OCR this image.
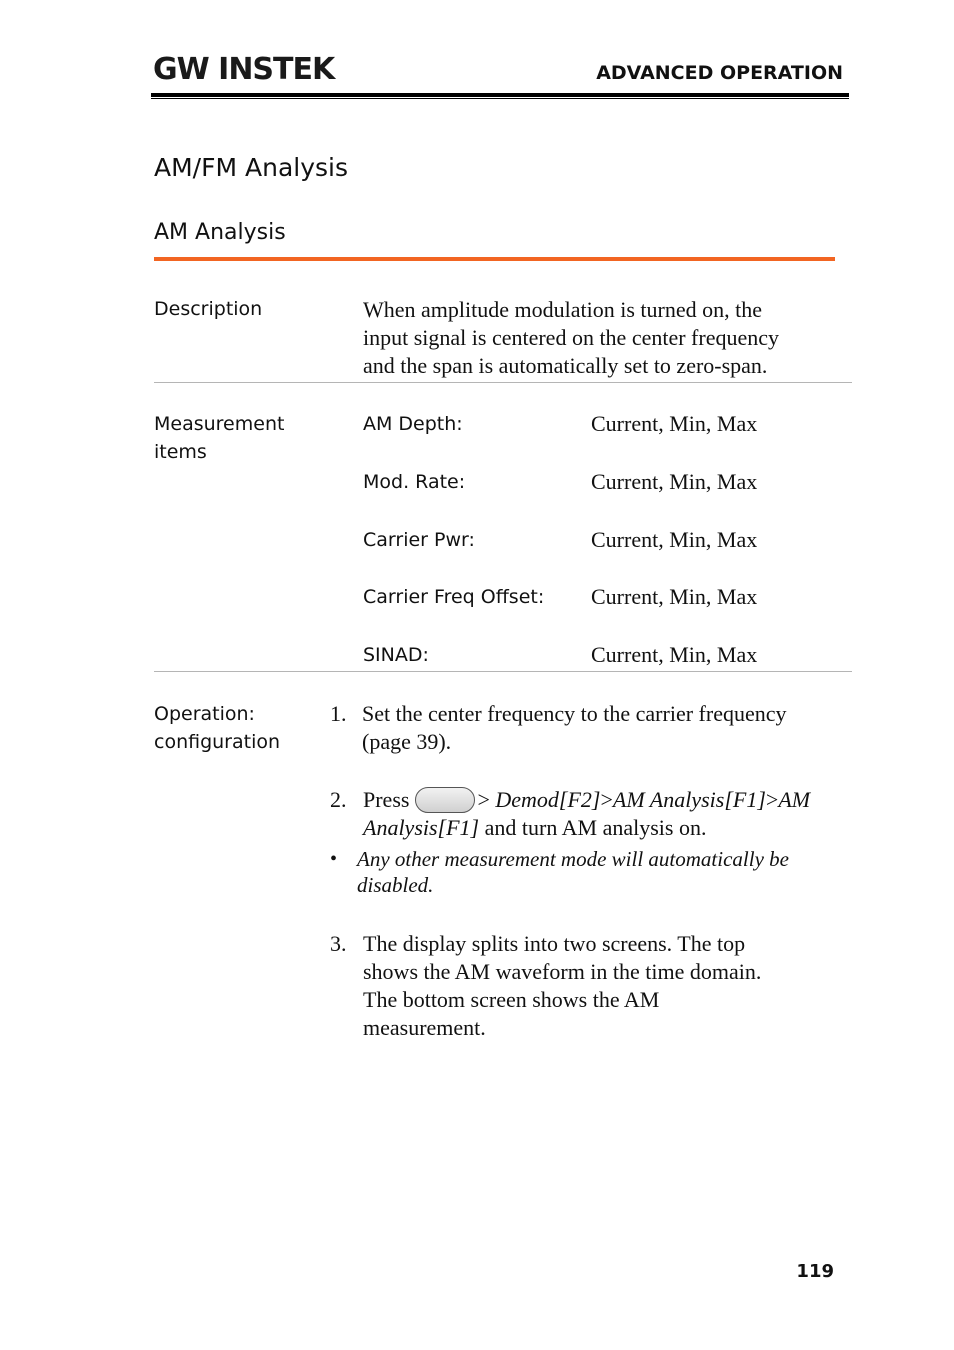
GW INSTEK	ADVANCED OPERATION
AM/FM Analysis
AM Analysis
Description	When amplitude modulation is turned on, the
input signal is centered on the center frequency
and the span is automatically set to zero-span.
Measurement
items
AM Depth:	Current, Min, Max
Mod. Rate:	Current, Min, Max
Carrier Pwr:	Current, Min, Max
Carrier Freq Offset: Current, Min, Max
SINAD:	Current, Min, Max
Operation:
configuration
1. Set the center frequency to the carrier frequency
(page 39).
2. Press	> Demod[F2]>AM Analysis[F1]>AM
Analysis[F1] and turn AM analysis on.
• Any other measurement mode will automatically be
disabled.
3. The display splits into two screens. The top
shows the AM waveform in the time domain.
The bottom screen shows the AM
measurement.
119
